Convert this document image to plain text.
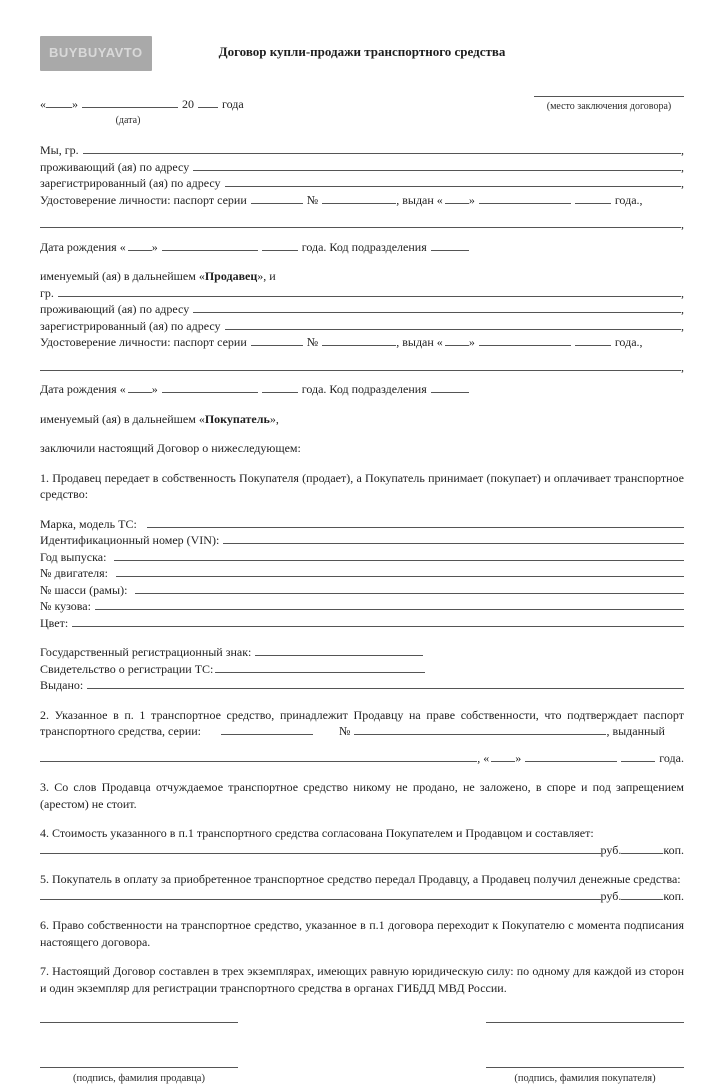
BUYBUYAVTO	Договор купли-продажи транспортного средства
« »	20 года
(дата)
(место заключения договора)
Мы, гр.	,
проживающий (ая) по адресу	,
зарегистрированный (ая) по адресу	,
Удостоверение личности: паспорт серии	№	, выдан « »	года.,
,
Дата рождения « »	года. Код подразделения
именуемый (ая) в дальнейшем «Продавец», и
гр.	,
проживающий (ая) по адресу	,
зарегистрированный (ая) по адресу	,
Удостоверение личности: паспорт серии	№	, выдан « »	года.,
,
Дата рождения « »	года. Код подразделения
именуемый (ая) в дальнейшем «Покупатель»,
заключили настоящий Договор о нижеследующем:

1. Продавец передает в собственность Покупателя (продает), а Покупатель принимает (покупает) и оплачивает транспортное средство:

Марка, модель ТС:
Идентификационный номер (VIN):
Год выпуска:
№ двигателя:
№ шасси (рамы):
№ кузова:
Цвет:
Государственный регистрационный знак:
Свидетельство о регистрации ТС:
Выдано:
2. Указанное в п. 1 транспортное средство, принадлежит Продавцу на праве собственности, что подтверждает паспорт
транспортного средства, серии:	№	, выданный
, « »	года.

3. Со слов Продавца отчуждаемое транспортное средство никому не продано, не заложено, в споре и под запрещением (арестом) не стоит.

4. Стоимость указанного в п.1 транспортного средства согласована Покупателем и Продавцом и составляет:
руб.	коп.
5. Покупатель в оплату за приобретенное транспортное средство передал Продавцу, а Продавец получил денежные средства:
руб.	коп.

6. Право собственности на транспортное средство, указанное в п.1 договора переходит к Покупателю с момента подписания настоящего договора.

7. Настоящий Договор составлен в трех экземплярах, имеющих равную юридическую силу: по одному для каждой из сторон и один экземпляр для регистрации транспортного средства в органах ГИБДД МВД России.

(подпись, фамилия продавца)	(подпись, фамилия покупателя)
